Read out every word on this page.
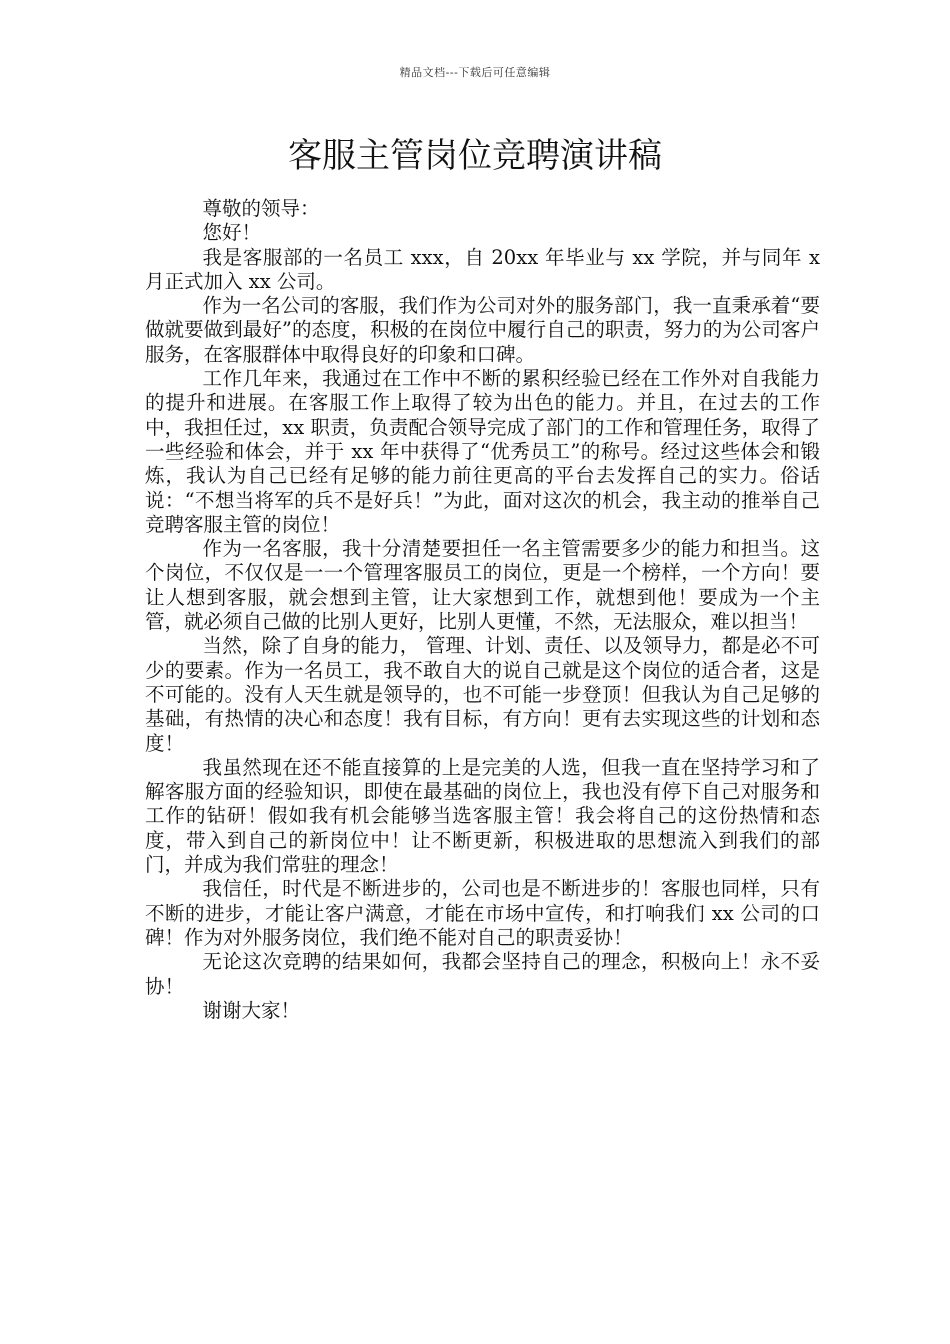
精品文档---下载后可任意编辑
客服主管岗位竞聘演讲稿

尊敬的领导：

您好！

我是客服部的一名员工 xxx，自 20xx 年毕业与 xx 学院，并与同年 x 月正式加入 xx 公司。

作为一名公司的客服，我们作为公司对外的服务部门，我一直秉承着“要做就要做到最好”的态度，积极的在岗位中履行自己的职责，努力的为公司客户服务，在客服群体中取得良好的印象和口碑。

工作几年来，我通过在工作中不断的累积经验已经在工作外对自我能力的提升和进展。在客服工作上取得了较为出色的能力。并且，在过去的工作中，我担任过，xx 职责，负责配合领导完成了部门的工作和管理任务，取得了一些经验和体会，并于 xx 年中获得了“优秀员工”的称号。经过这些体会和锻炼，我认为自己已经有足够的能力前往更高的平台去发挥自己的实力。俗话说：“不想当将军的兵不是好兵！”为此，面对这次的机会，我主动的推举自己竞聘客服主管的岗位！

作为一名客服，我十分清楚要担任一名主管需要多少的能力和担当。这个岗位，不仅仅是一一个管理客服员工的岗位，更是一个榜样，一个方向！要让人想到客服，就会想到主管，让大家想到工作，就想到他！要成为一个主管，就必须自己做的比别人更好，比别人更懂，不然，无法服众，难以担当！

当然，除了自身的能力， 管理、计划、责任、以及领导力，都是必不可少的要素。作为一名员工，我不敢自大的说自己就是这个岗位的适合者，这是不可能的。没有人天生就是领导的，也不可能一步登顶！但我认为自己足够的基础，有热情的决心和态度！我有目标，有方向！更有去实现这些的计划和态度！

我虽然现在还不能直接算的上是完美的人选，但我一直在坚持学习和了解客服方面的经验知识，即使在最基础的岗位上，我也没有停下自己对服务和工作的钻研！假如我有机会能够当选客服主管！我会将自己的这份热情和态度，带入到自己的新岗位中！让不断更新，积极进取的思想流入到我们的部门，并成为我们常驻的理念！

我信任，时代是不断进步的，公司也是不断进步的！客服也同样，只有不断的进步，才能让客户满意，才能在市场中宣传，和打响我们 xx 公司的口碑！作为对外服务岗位，我们绝不能对自己的职责妥协！

无论这次竞聘的结果如何，我都会坚持自己的理念，积极向上！永不妥协！

谢谢大家！
